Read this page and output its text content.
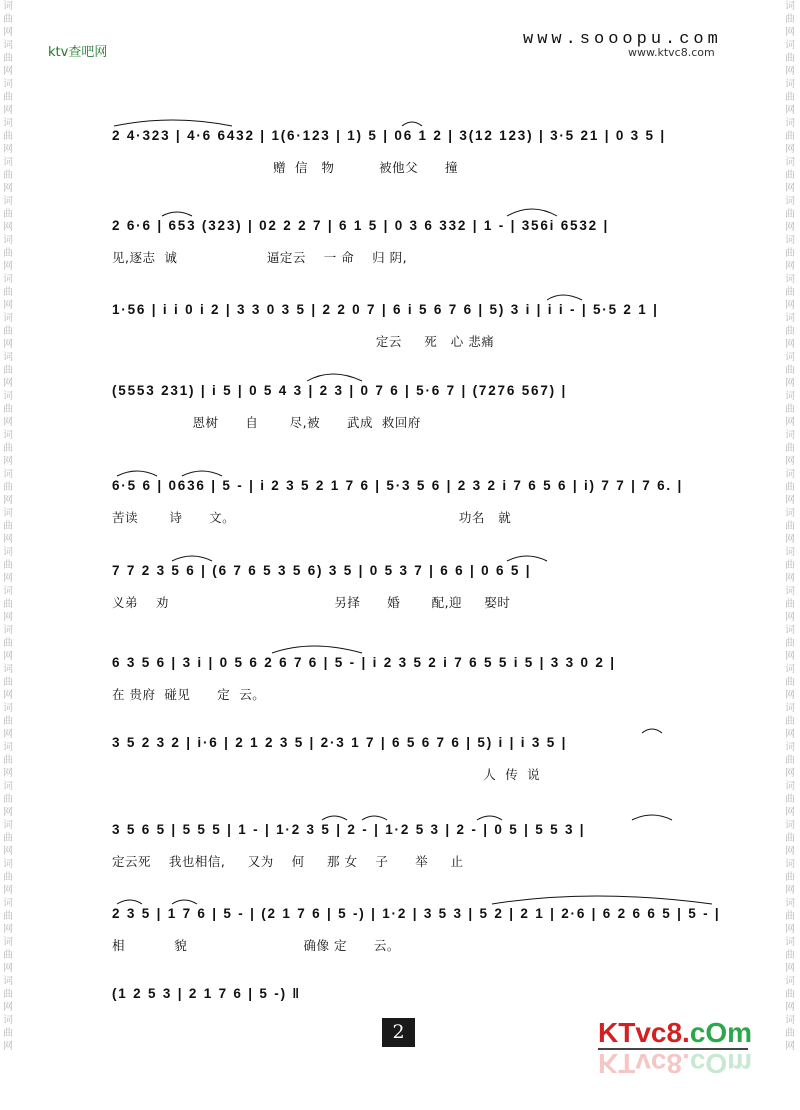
词曲网词曲网词曲网词曲网词曲网词曲网词曲网词曲网词曲网词曲网词曲网词曲网词曲网词曲网词曲网词曲网词曲网词曲网词曲网词曲网词曲网词曲网词曲网词曲网词曲网词曲网词曲网
词曲网词曲网词曲网词曲网词曲网词曲网词曲网词曲网词曲网词曲网词曲网词曲网词曲网词曲网词曲网词曲网词曲网词曲网词曲网词曲网词曲网词曲网词曲网词曲网词曲网词曲网词曲网
ktv查吧网
www.sooopu.com
www.ktvc8.com
2 4·323 | 4·6 6432 | 1(6·123 | 1) 5 | 06 1 2 | 3(12 123) | 3·5 21 | 0 3 5 |
赠  信   物          被他父      撞
2 6·6 | 653 (323) | 02 2 2 7 | 6 1 5 | 0 3 6 332 | 1 - | 356i 6532 |
见,逐志  诚                    逼定云    一 命    归 阴,
1·56 | i i 0 i 2 | 3 3 0 3 5 | 2 2 0 7 | 6 i 5 6 7 6 | 5) 3 i | i i - | 5·5 2 1 |
定云     死   心 悲痛
(5553 231) | i 5 | 0 5 4 3 | 2 3 | 0 7 6 | 5·6 7 | (7276 567) |
恩树      自       尽,被      武成  救回府
6·5 6 | 0636 | 5 - | i 2 3 5 2 1 7 6 | 5·3 5 6 | 2 3 2 i 7 6 5 6 | i) 7 7 | 7 6. |
苦读       诗      文。                                                  功名   就
7 7 2 3 5 6 | (6 7 6 5 3 5 6) 3 5 | 0 5 3 7 | 6 6 | 0 6 5 |
义弟    劝                                     另择      婚       配,迎     娶时
6 3 5 6 | 3 i | 0 5 6 2 6 7 6 | 5 - | i 2 3 5 2 i 7 6 5 5 i 5 | 3 3 0 2 |
在 贵府  碰见      定  云。
3 5 2 3 2 | i·6 | 2 1 2 3 5 | 2·3 1 7 | 6 5 6 7 6 | 5) i | i 3 5 |
人  传  说
3 5 6 5 | 5 5 5 | 1 - | 1·2 3 5 | 2 - | 1·2 5 3 | 2 - | 0 5 | 5 5 3 |
定云死    我也相信,     又为    何     那 女    子      举     止
2 3 5 | 1 7 6 | 5 - | (2 1 7 6 | 5 -) | 1·2 | 3 5 3 | 5 2 | 2 1 | 2·6 | 6 2 6 6 5 | 5 - |
相           貌                          确像 定      云。
(1 2 5 3 | 2 1 7 6 | 5 -) ‖
2	KTvc8.cOm
KTvc8.cOm
